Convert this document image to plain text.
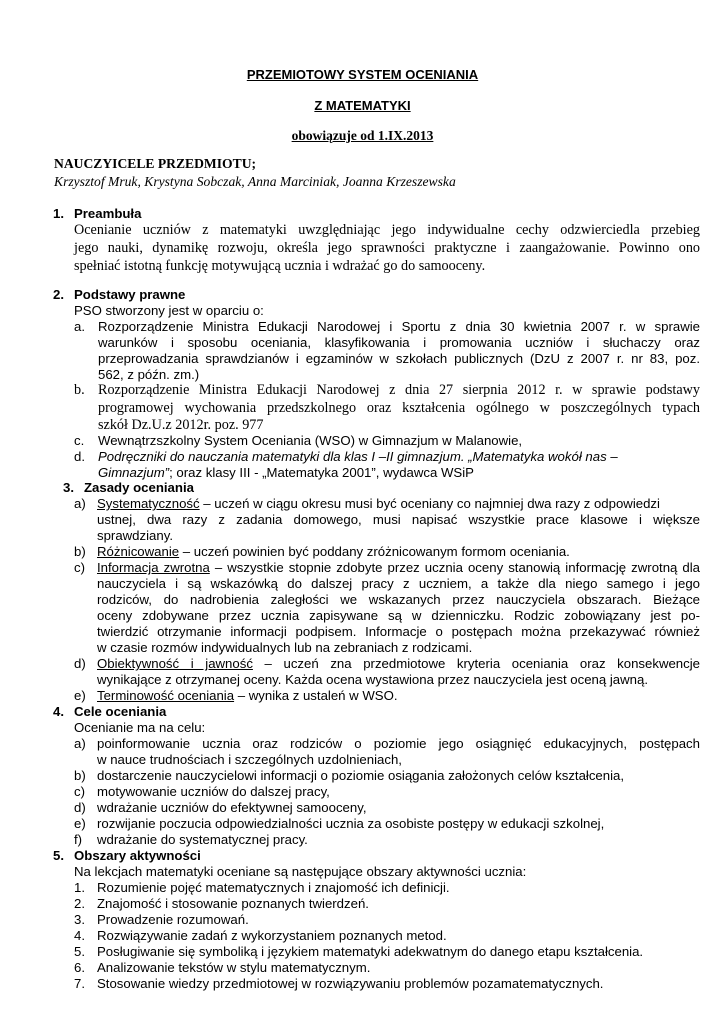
PRZEMIOTOWY SYSTEM OCENIANIA
Z MATEMATYKI
obowiązuje od 1.IX.2013
NAUCZYICELE PRZEDMIOTU;
Krzysztof Mruk, Krystyna Sobczak, Anna Marciniak, Joanna Krzeszewska
1. Preambuła
Ocenianie uczniów z matematyki uwzględniając jego indywidualne cechy odzwierciedla przebieg
jego nauki, dynamikę rozwoju, określa jego sprawności praktyczne i zaangażowanie. Powinno ono
spełniać istotną funkcję motywującą ucznia i wdrażać go do samooceny.
2. Podstawy prawne
PSO stworzony jest w oparciu o:
a. Rozporządzenie Ministra Edukacji Narodowej i Sportu z dnia 30 kwietnia 2007 r. w sprawie
warunków i sposobu oceniania, klasyfikowania i promowania uczniów i słuchaczy oraz
przeprowadzania sprawdzianów i egzaminów w szkołach publicznych (DzU z 2007 r. nr 83, poz.
562, z późn. zm.)
b. Rozporządzenie Ministra Edukacji Narodowej z dnia 27 sierpnia 2012 r. w sprawie podstawy
programowej wychowania przedszkolnego oraz kształcenia ogólnego w poszczególnych typach
szkół Dz.U.z 2012r. poz. 977
c. Wewnątrzszkolny System Oceniania (WSO) w Gimnazjum w Malanowie,
d. Podręczniki do nauczania matematyki dla klas I –II gimnazjum. „Matematyka wokół nas –
Gimnazjum”; oraz klasy III - „Matematyka 2001”, wydawca WSiP
3. Zasady oceniania
a) Systematyczność – uczeń w ciągu okresu musi być oceniany co najmniej dwa razy z odpowiedzi
ustnej, dwa razy z zadania domowego, musi napisać wszystkie prace klasowe i większe
sprawdziany.
b) Różnicowanie – uczeń powinien być poddany zróżnicowanym formom oceniania.
c) Informacja zwrotna – wszystkie stopnie zdobyte przez ucznia oceny stanowią informację zwrotną dla
nauczyciela i są wskazówką do dalszej pracy z uczniem, a także dla niego samego i jego
rodziców, do nadrobienia zaległości we wskazanych przez nauczyciela obszarach. Bieżące
oceny zdobywane przez ucznia zapisywane są w dzienniczku. Rodzic zobowiązany jest po-
twierdzić otrzymanie informacji podpisem. Informacje o postępach można przekazywać również
w czasie rozmów indywidualnych lub na zebraniach z rodzicami.
d) Obiektywność i jawność – uczeń zna przedmiotowe kryteria oceniania oraz konsekwencje
wynikające z otrzymanej oceny. Każda ocena wystawiona przez nauczyciela jest oceną jawną.
e) Terminowość oceniania – wynika z ustaleń w WSO.
4. Cele oceniania
Ocenianie ma na celu:
a) poinformowanie ucznia oraz rodziców o poziomie jego osiągnięć edukacyjnych, postępach
w nauce trudnościach i szczególnych uzdolnieniach,
b) dostarczenie nauczycielowi informacji o poziomie osiągania założonych celów kształcenia,
c) motywowanie uczniów do dalszej pracy,
d) wdrażanie uczniów do efektywnej samooceny,
e) rozwijanie poczucia odpowiedzialności ucznia za osobiste postępy w edukacji szkolnej,
f) wdrażanie do systematycznej pracy.
5. Obszary aktywności
Na lekcjach matematyki oceniane są następujące obszary aktywności ucznia:
1. Rozumienie pojęć matematycznych i znajomość ich definicji.
2. Znajomość i stosowanie poznanych twierdzeń.
3. Prowadzenie rozumowań.
4. Rozwiązywanie zadań z wykorzystaniem poznanych metod.
5. Posługiwanie się symboliką i językiem matematyki adekwatnym do danego etapu kształcenia.
6. Analizowanie tekstów w stylu matematycznym.
7. Stosowanie wiedzy przedmiotowej w rozwiązywaniu problemów pozamatematycznych.
